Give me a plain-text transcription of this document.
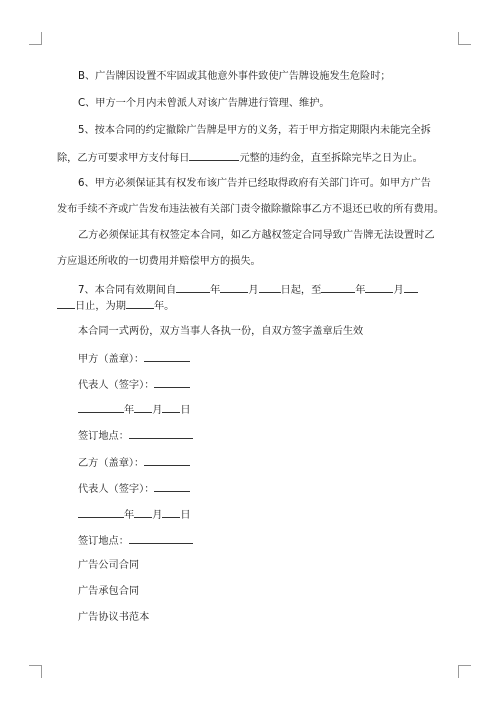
B、广告牌因设置不牢固或其他意外事件致使广告牌设施发生危险时；
C、甲方一个月内未曾派人对该广告牌进行管理、维护。
5、按本合同的约定撤除广告牌是甲方的义务，若于甲方指定期限内未能完全拆
除，乙方可要求甲方支付每日	元整的违约金，直至拆除完毕之日为止。
6、甲方必须保证其有权发布该广告并已经取得政府有关部门许可。如甲方广告
发布手续不齐或广告发布违法被有关部门责令撤除撤除事乙方不退还已收的所有费用。
乙方必须保证其有权签定本合同，如乙方越权签定合同导致广告牌无法设置时乙
方应退还所收的一切费用并赔偿甲方的损失。
7、本合同有效期间自	年	月 日起，至	年	月
日止，为期	年。
本合同一式两份，双方当事人各执一份，自双方签字盖章后生效
甲方（盖章）：
代表人（签字）：
年 月 日
签订地点：
乙方（盖章）：
代表人（签字）：
年 月 日
签订地点：
广告公司合同
广告承包合同
广告协议书范本
